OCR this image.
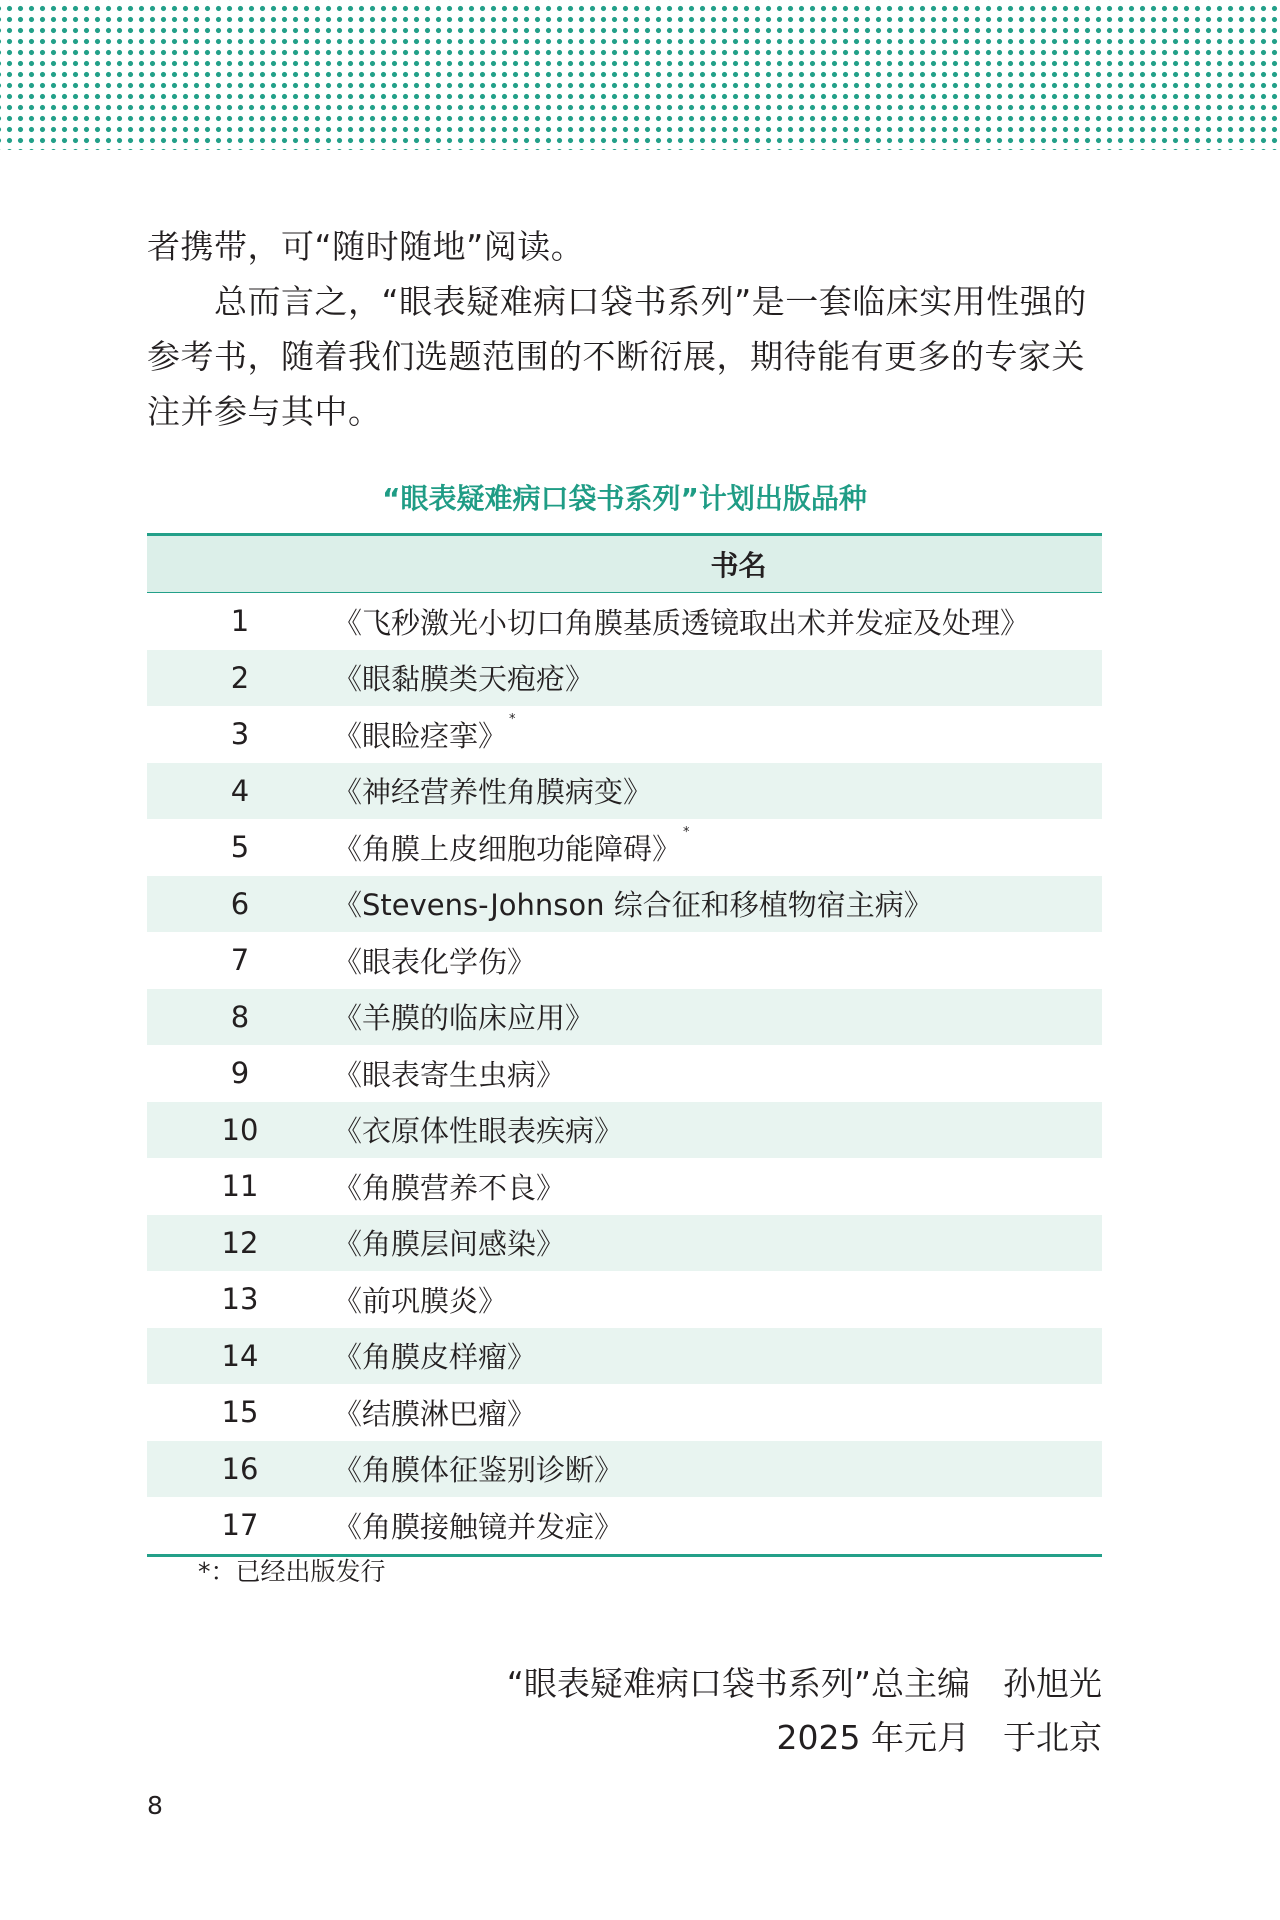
者携带，可“随时随地”阅读。

　　总而言之，“眼表疑难病口袋书系列”是一套临床实用性强的

参考书，随着我们选题范围的不断衍展，期待能有更多的专家关

注并参与其中。

“眼表疑难病口袋书系列”计划出版品种
书名	
1	《飞秒激光小切口角膜基质透镜取出术并发症及处理》
2	《眼黏膜类天疱疮》
3	《眼睑痉挛》 *
4	《神经营养性角膜病变》
5	《角膜上皮细胞功能障碍》 *
6	《Stevens-Johnson 综合征和移植物宿主病》
7	《眼表化学伤》
8	《羊膜的临床应用》
9	《眼表寄生虫病》
10	《衣原体性眼表疾病》
11	《角膜营养不良》
12	《角膜层间感染》
13	《前巩膜炎》
14	《角膜皮样瘤》
15	《结膜淋巴瘤》
16	《角膜体征鉴别诊断》
17	《角膜接触镜并发症》
*：已经出版发行
“眼表疑难病口袋书系列”总主编　孙旭光
2025 年元月　于北京
8
